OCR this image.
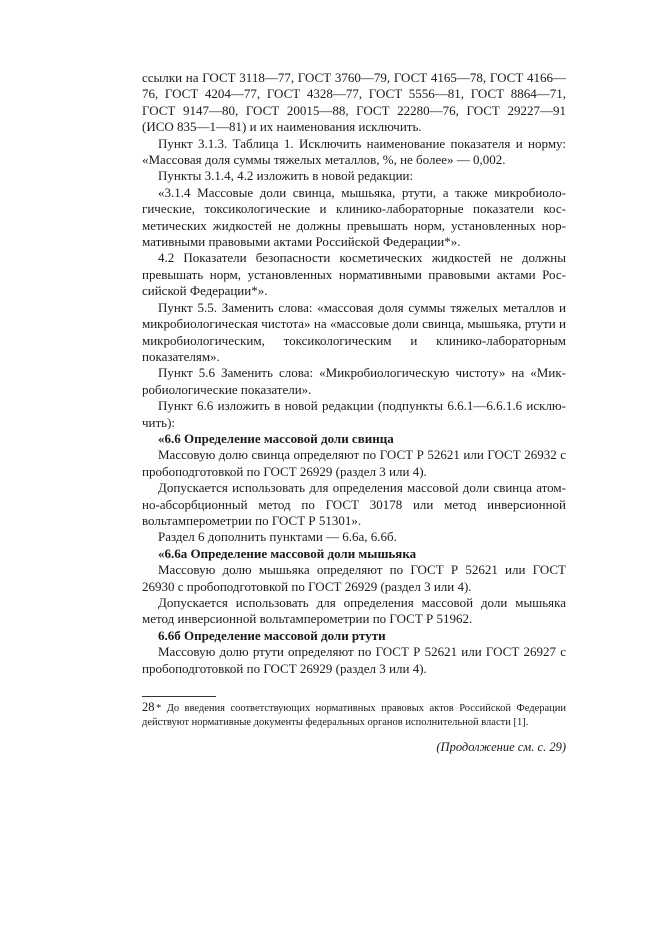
ссылки на ГОСТ 3118—77, ГОСТ 3760—79, ГОСТ 4165—78, ГОСТ 4166—76, ГОСТ 4204—77, ГОСТ 4328—77, ГОСТ 5556—81, ГОСТ 8864—71, ГОСТ 9147—80, ГОСТ 20015—88, ГОСТ 22280—76, ГОСТ 29227—91 (ИСО 835—1—81) и их наименования исключить.

Пункт 3.1.3. Таблица 1. Исключить наименование показателя и норму: «Массовая доля суммы тяжелых металлов, %, не более» — 0,002.

Пункты 3.1.4, 4.2 изложить в новой редакции:

«3.1.4 Массовые доли свинца, мышьяка, ртути, а также микробиологические, токсикологические и клинико-лабораторные показатели косметических жидкостей не должны превышать норм, установленных нормативными правовыми актами Российской Федерации*».

4.2 Показатели безопасности косметических жидкостей не должны превышать норм, установленных нормативными правовыми актами Российской Федерации*».

Пункт 5.5. Заменить слова: «массовая доля суммы тяжелых металлов и микробиологическая чистота» на «массовые доли свинца, мышьяка, ртути и микробиологическим, токсикологическим и клинико-лабораторным показателям».

Пункт 5.6 Заменить слова: «Микробиологическую чистоту» на «Микробиологические показатели».

Пункт 6.6 изложить в новой редакции (подпункты 6.6.1—6.6.1.6 исключить):

«6.6 Определение массовой доли свинца

Массовую долю свинца определяют по ГОСТ Р 52621 или ГОСТ 26932 с пробоподготовкой по ГОСТ 26929 (раздел 3 или 4).

Допускается использовать для определения массовой доли свинца атомно-абсорбционный метод по ГОСТ 30178 или метод инверсионной вольтамперометрии по ГОСТ Р 51301».

Раздел 6 дополнить пунктами — 6.6а, 6.6б.

«6.6а Определение массовой доли мышьяка

Массовую долю мышьяка определяют по ГОСТ Р 52621 или ГОСТ 26930 с пробоподготовкой по ГОСТ 26929 (раздел 3 или 4).

Допускается использовать для определения массовой доли мышьяка метод инверсионной вольтамперометрии по ГОСТ Р 51962.

6.6б Определение массовой доли ртути

Массовую долю ртути определяют по ГОСТ Р 52621 или ГОСТ 26927 с пробоподготовкой по ГОСТ 26929 (раздел 3 или 4).

* До введения соответствующих нормативных правовых актов Российской Федерации действуют нормативные документы федеральных органов исполнительной власти [1].

(Продолжение см. с. 29)

28
